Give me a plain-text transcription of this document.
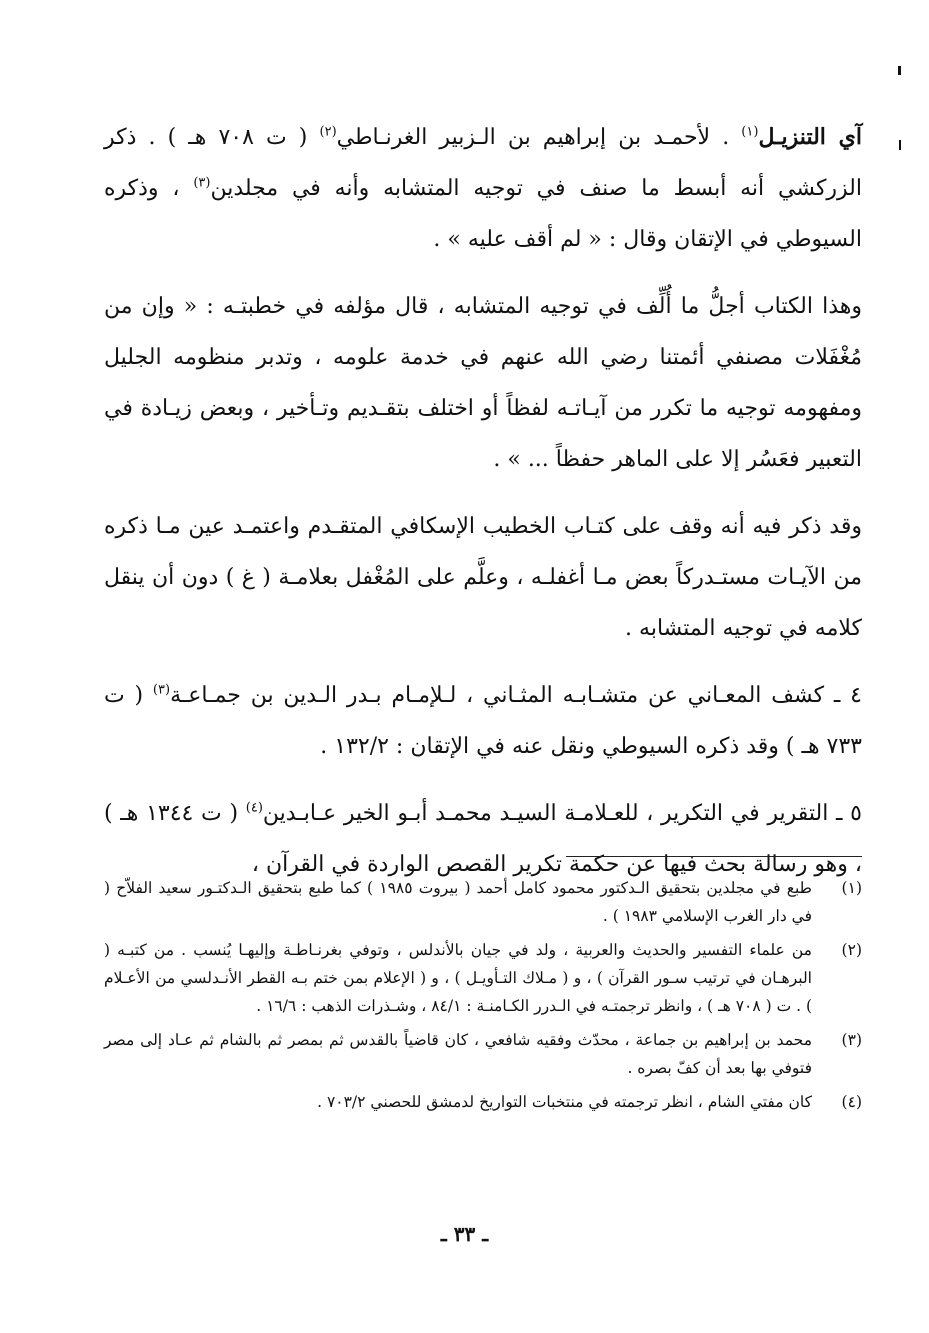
آي التنزيـل$^{(١)}$ . لأحمـد بن إبراهيم بن الـزبير الغرنـاطي$^{(٢)}$ ( ت ٧٠٨ هـ ) . ذكر الزركشي أنه أبسط ما صنف في توجيه المتشابه وأنه في مجلدين$^{(٣)}$ ، وذكره السيوطي في الإتقان وقال : « لم أقف عليه » .

وهذا الكتاب أجلُّ ما أُلِّف في توجيه المتشابه ، قال مؤلفه في خطبتـه : « وإن من مُغْفَلات مصنفي أئمتنا رضي الله عنهم في خدمة علومه ، وتدبر منظومه الجليل ومفهومه توجيه ما تكرر من آيـاتـه لفظاً أو اختلف بتقـديم وتـأخير ، وبعض زيـادة في التعبير فعَسُر إلا على الماهر حفظاً ... » .

وقد ذكر فيه أنه وقف على كتـاب الخطيب الإسكافي المتقـدم واعتمـد عين مـا ذكره من الآيـات مستـدركاً بعض مـا أغفلـه ، وعلَّم على المُغْفل بعلامـة ( غ ) دون أن ينقل كلامه في توجيه المتشابه .

٤ ـ كشف المعـاني عن متشـابـه المثـاني ، لـلإمـام بـدر الـدين بن جمـاعـة$^{(٣)}$ ( ت ٧٣٣ هـ ) وقد ذكره السيوطي ونقل عنه في الإتقان : ١٣٢/٢ .

٥ ـ التقرير في التكرير ، للعـلامـة السيـد محمـد أبـو الخير عـابـدين$^{(٤)}$ ( ت ١٣٤٤ هـ ) ، وهو رسالة بحث فيها عن حكمة تكرير القصص الواردة في القرآن ،

(١)
طبع في مجلدين بتحقيق الـدكتور محمود كامل أحمد ( بيروت ١٩٨٥ ) كما طبع بتحقيق الـدكتـور سعيد الفلاّح ( في دار الغرب الإسلامي ١٩٨٣ ) .
(٢)
من علماء التفسير والحديث والعربية ، ولد في جيان بالأندلس ، وتوفي بغرنـاطـة وإليهـا يُنسب . من كتبـه ( البرهـان في ترتيب سـور القرآن ) ، و ( مـلاك التـأويـل ) ، و ( الإعلام بمن ختم بـه القطر الأنـدلسي من الأعـلام ) . ت ( ٧٠٨ هـ ) ، وانظر ترجمتـه في الـدرر الكـامنـة : ٨٤/١ ، وشـذرات الذهب : ١٦/٦ .
(٣)
محمد بن إبراهيم بن جماعة ، محدّث وفقيه شافعي ، كان قاضياً بالقدس ثم بمصر ثم بالشام ثم عـاد إلى مصر فتوفي بها بعد أن كفّ بصره .
(٤)
كان مفتي الشام ، انظر ترجمته في منتخبات التواريخ لدمشق للحصني ٧٠٣/٢ .
ـ ٣٣ ـ
